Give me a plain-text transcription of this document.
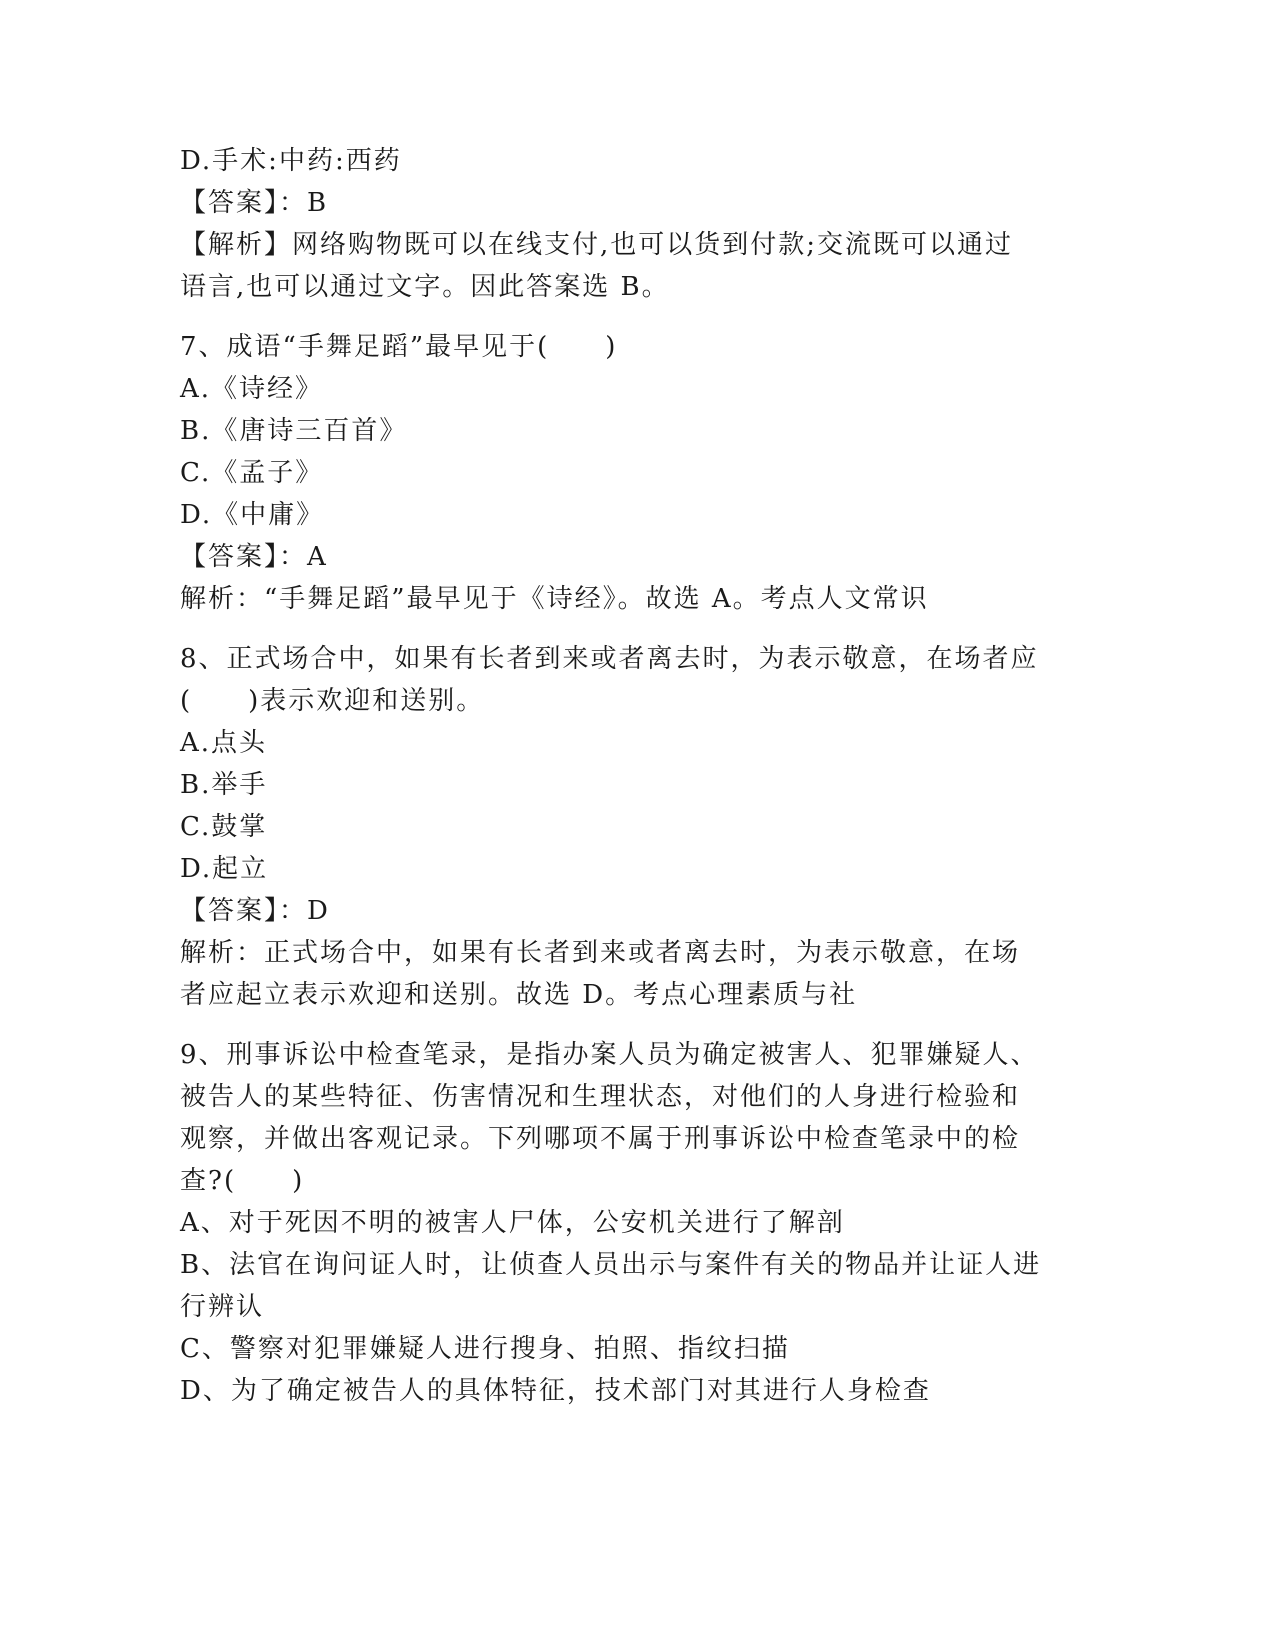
D.手术:中药:西药
【答案】：B
【解析】网络购物既可以在线支付,也可以货到付款;交流既可以通过
语言,也可以通过文字。因此答案选 B。
7、成语“手舞足蹈”最早见于(　　)
A.《诗经》
B.《唐诗三百首》
C.《孟子》
D.《中庸》
【答案】：A
解析：“手舞足蹈”最早见于《诗经》。故选 A。考点人文常识
8、正式场合中，如果有长者到来或者离去时，为表示敬意，在场者应
(　　)表示欢迎和送别。
A.点头
B.举手
C.鼓掌
D.起立
【答案】：D
解析：正式场合中，如果有长者到来或者离去时，为表示敬意，在场
者应起立表示欢迎和送别。故选 D。考点心理素质与社
9、刑事诉讼中检查笔录，是指办案人员为确定被害人、犯罪嫌疑人、
被告人的某些特征、伤害情况和生理状态，对他们的人身进行检验和
观察，并做出客观记录。下列哪项不属于刑事诉讼中检查笔录中的检
查?(　　)
A、对于死因不明的被害人尸体，公安机关进行了解剖
B、法官在询问证人时，让侦查人员出示与案件有关的物品并让证人进
行辨认
C、警察对犯罪嫌疑人进行搜身、拍照、指纹扫描
D、为了确定被告人的具体特征，技术部门对其进行人身检查
